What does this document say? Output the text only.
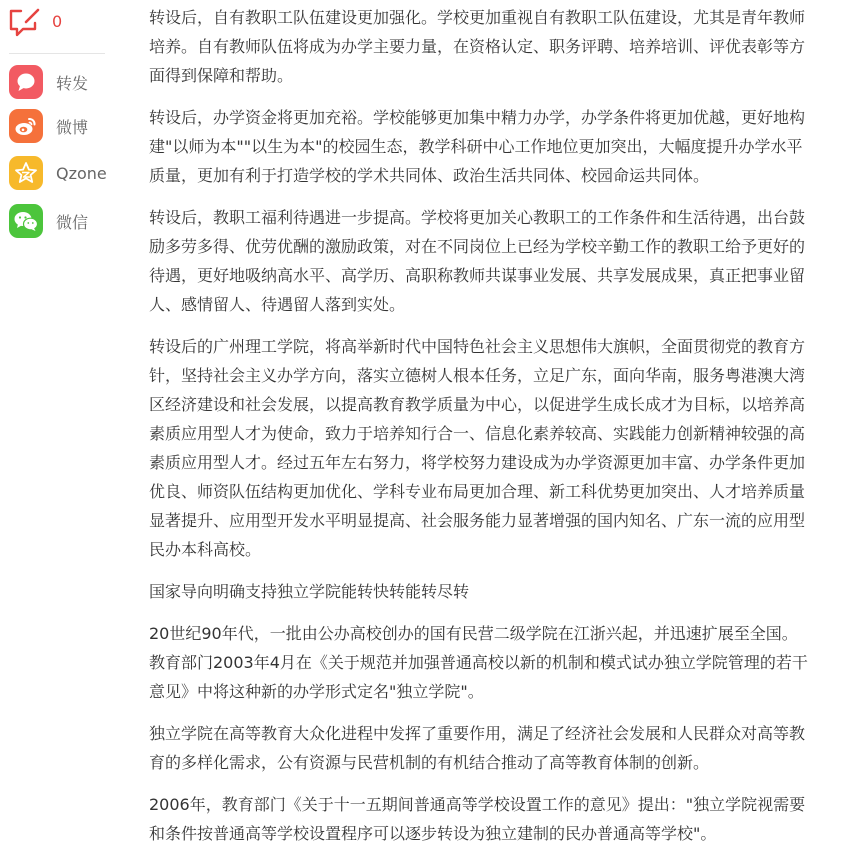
0
转发
微博
Qzone
微信

转设后，自有教职工队伍建设更加强化。学校更加重视自有教职工队伍建设，尤其是青年教师培养。自有教师队伍将成为办学主要力量，在资格认定、职务评聘、培养培训、评优表彰等方面得到保障和帮助。

转设后，办学资金将更加充裕。学校能够更加集中精力办学，办学条件将更加优越，更好地构建"以师为本""以生为本"的校园生态，教学科研中心工作地位更加突出，大幅度提升办学水平质量，更加有利于打造学校的学术共同体、政治生活共同体、校园命运共同体。

转设后，教职工福利待遇进一步提高。学校将更加关心教职工的工作条件和生活待遇，出台鼓励多劳多得、优劳优酬的激励政策，对在不同岗位上已经为学校辛勤工作的教职工给予更好的待遇，更好地吸纳高水平、高学历、高职称教师共谋事业发展、共享发展成果，真正把事业留人、感情留人、待遇留人落到实处。

转设后的广州理工学院，将高举新时代中国特色社会主义思想伟大旗帜，全面贯彻党的教育方针，坚持社会主义办学方向，落实立德树人根本任务，立足广东，面向华南，服务粤港澳大湾区经济建设和社会发展，以提高教育教学质量为中心，以促进学生成长成才为目标，以培养高素质应用型人才为使命，致力于培养知行合一、信息化素养较高、实践能力创新精神较强的高素质应用型人才。经过五年左右努力，将学校努力建设成为办学资源更加丰富、办学条件更加优良、师资队伍结构更加优化、学科专业布局更加合理、新工科优势更加突出、人才培养质量显著提升、应用型开发水平明显提高、社会服务能力显著增强的国内知名、广东一流的应用型民办本科高校。

国家导向明确支持独立学院能转快转能转尽转

20世纪90年代，一批由公办高校创办的国有民营二级学院在江浙兴起，并迅速扩展至全国。教育部门2003年4月在《关于规范并加强普通高校以新的机制和模式试办独立学院管理的若干意见》中将这种新的办学形式定名"独立学院"。

独立学院在高等教育大众化进程中发挥了重要作用，满足了经济社会发展和人民群众对高等教育的多样化需求，公有资源与民营机制的有机结合推动了高等教育体制的创新。

2006年，教育部门《关于十一五期间普通高等学校设置工作的意见》提出："独立学院视需要和条件按普通高等学校设置程序可以逐步转设为独立建制的民办普通高等学校"。
